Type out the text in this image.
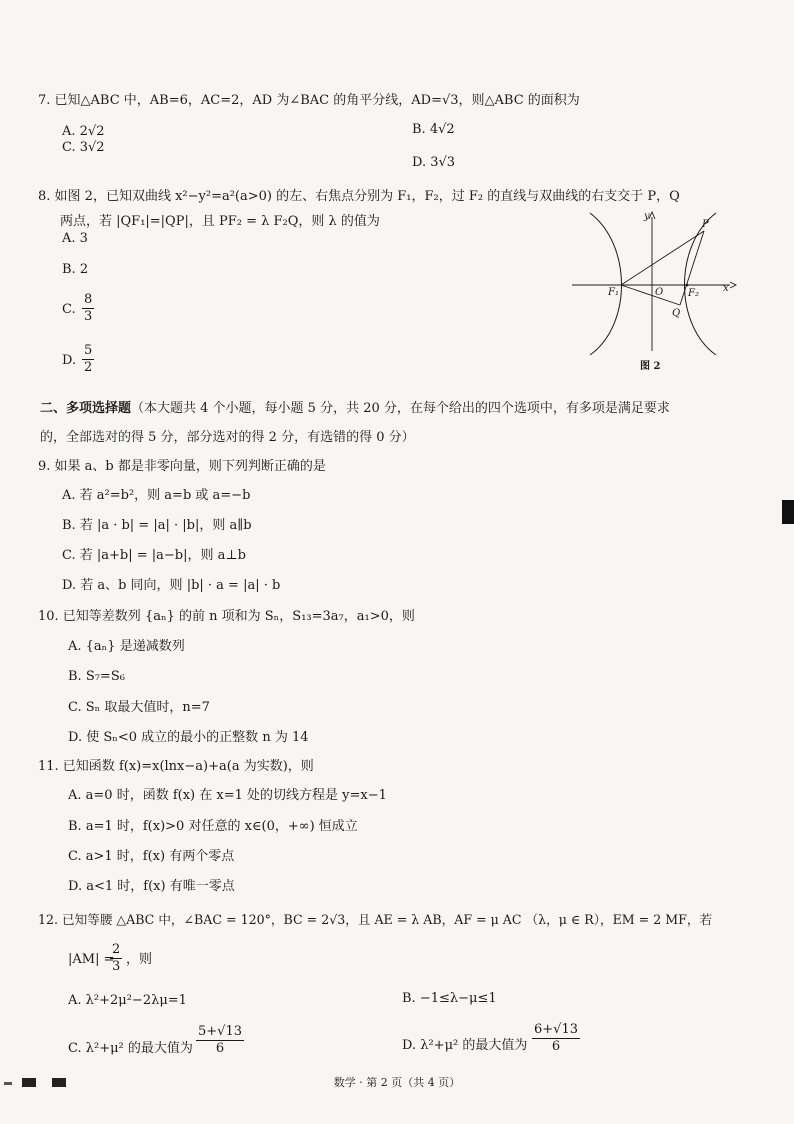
7. 已知△ABC 中，AB=6，AC=2，AD 为∠BAC 的角平分线，AD=√3，则△ABC 的面积为
A. 2√2	B. 4√2
C. 3√2
D. 3√3
8. 如图 2，已知双曲线 x²−y²=a²(a>0) 的左、右焦点分别为 F₁，F₂，过 F₂ 的直线与双曲线的右支交于 P，Q
两点，若 |QF₁|=|QP|，且 PF₂ = λ F₂Q，则 λ 的值为
A. 3
B. 2
C. $\frac{8}{3}$
D. $\frac{5}{2}$
y
x
P
Q
F₁	O F₂
图 2
二、多项选择题（本大题共 4 个小题，每小题 5 分，共 20 分，在每个给出的四个选项中，有多项是满足要求
的，全部选对的得 5 分，部分选对的得 2 分，有选错的得 0 分）
9. 如果 a、b 都是非零向量，则下列判断正确的是
A. 若 a²=b²，则 a=b 或 a=−b
B. 若 |a · b| = |a| · |b|，则 a∥b
C. 若 |a+b| = |a−b|，则 a⊥b
D. 若 a、b 同向，则 |b| · a = |a| · b
10. 已知等差数列 {aₙ} 的前 n 项和为 Sₙ，S₁₃=3a₇，a₁>0，则
A. {aₙ} 是递减数列
B. S₇=S₆
C. Sₙ 取最大值时，n=7
D. 使 Sₙ<0 成立的最小的正整数 n 为 14
11. 已知函数 f(x)=x(lnx−a)+a(a 为实数)，则
A. a=0 时，函数 f(x) 在 x=1 处的切线方程是 y=x−1
B. a=1 时，f(x)>0 对任意的 x∈(0，+∞) 恒成立
C. a>1 时，f(x) 有两个零点
D. a<1 时，f(x) 有唯一零点
12. 已知等腰 △ABC 中，∠BAC = 120°，BC = 2√3，且 AE = λ AB，AF = μ AC （λ，μ ∈ R），EM = 2 MF，若
|AM| =
$\frac{2}{3}$ ，则
A. λ²+2μ²−2λμ=1	B. −1≤λ−μ≤1
C. λ²+μ² 的最大值为 $\frac{5+√13}{6}$	D. λ²+μ² 的最大值为 $\frac{6+√13}{6}$
数学 · 第 2 页（共 4 页）
